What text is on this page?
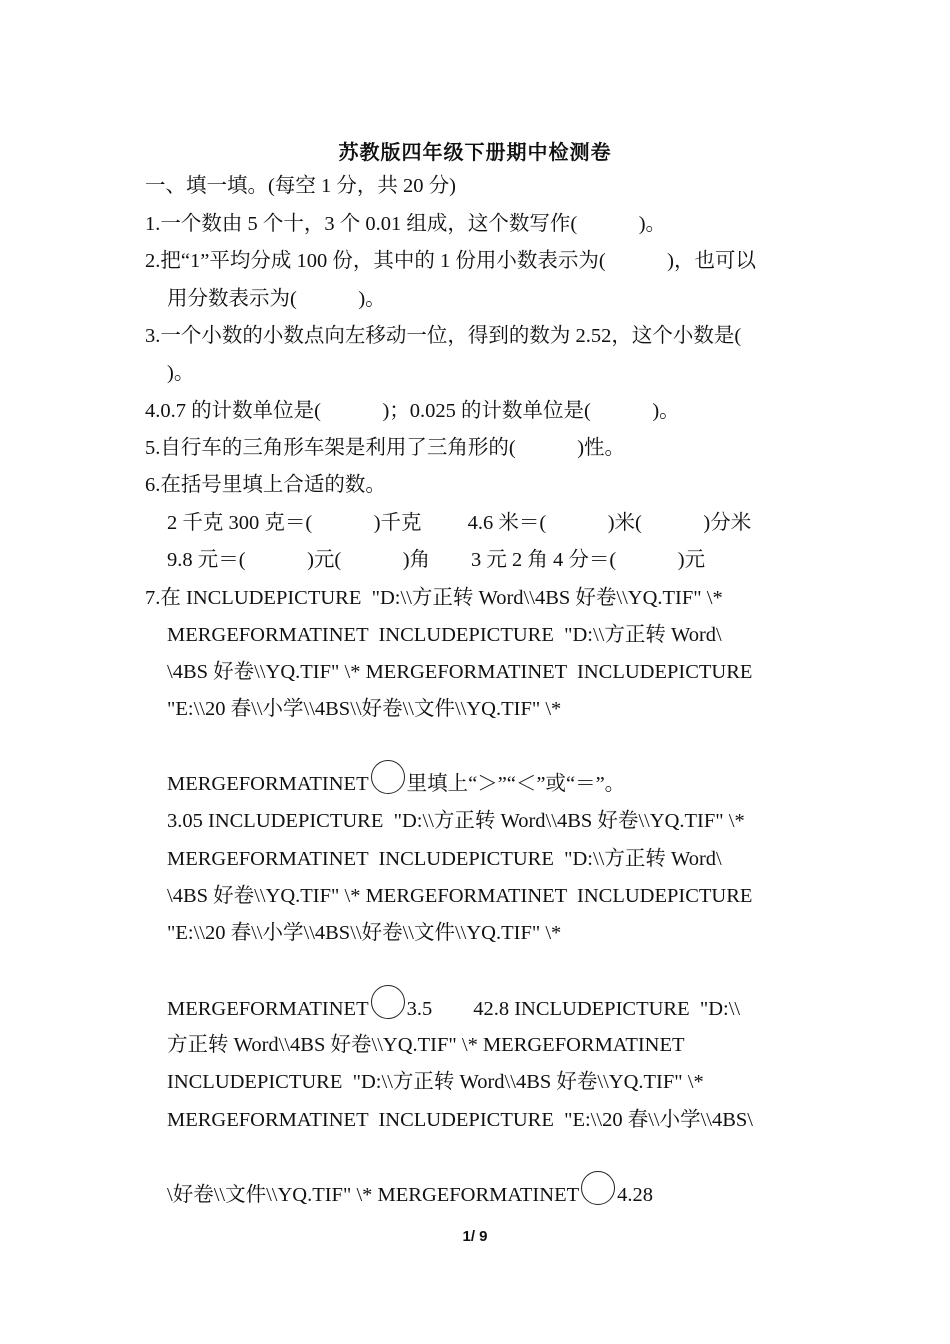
苏教版四年级下册期中检测卷
一、填一填。(每空 1 分，共 20 分)
1.一个数由 5 个十，3 个 0.01 组成，这个数写作(            )。
2.把“1”平均分成 100 份，其中的 1 份用小数表示为(            )，也可以
用分数表示为(            )。
3.一个小数的小数点向左移动一位，得到的数为 2.52，这个小数是(
)。
4.0.7 的计数单位是(            )；0.025 的计数单位是(            )。
5.自行车的三角形车架是利用了三角形的(            )性。
6.在括号里填上合适的数。
2 千克 300 克＝(            )千克         4.6 米＝(            )米(            )分米
9.8 元＝(            )元(            )角        3 元 2 角 4 分＝(            )元
7.在 INCLUDEPICTURE  "D:\\方正转 Word\\4BS 好卷\\YQ.TIF" \*
MERGEFORMATINET  INCLUDEPICTURE  "D:\\方正转 Word\
\4BS 好卷\\YQ.TIF" \* MERGEFORMATINET  INCLUDEPICTURE
"E:\\20 春\\小学\\4BS\\好卷\\文件\\YQ.TIF" \*
MERGEFORMATINET 里填上“＞”“＜”或“＝”。
3.05 INCLUDEPICTURE  "D:\\方正转 Word\\4BS 好卷\\YQ.TIF" \*
MERGEFORMATINET  INCLUDEPICTURE  "D:\\方正转 Word\
\4BS 好卷\\YQ.TIF" \* MERGEFORMATINET  INCLUDEPICTURE
"E:\\20 春\\小学\\4BS\\好卷\\文件\\YQ.TIF" \*
MERGEFORMATINET 3.5        42.8 INCLUDEPICTURE  "D:\\
方正转 Word\\4BS 好卷\\YQ.TIF" \* MERGEFORMATINET
INCLUDEPICTURE  "D:\\方正转 Word\\4BS 好卷\\YQ.TIF" \*
MERGEFORMATINET  INCLUDEPICTURE  "E:\\20 春\\小学\\4BS\
\好卷\\文件\\YQ.TIF" \* MERGEFORMATINET 4.28
1/ 9
